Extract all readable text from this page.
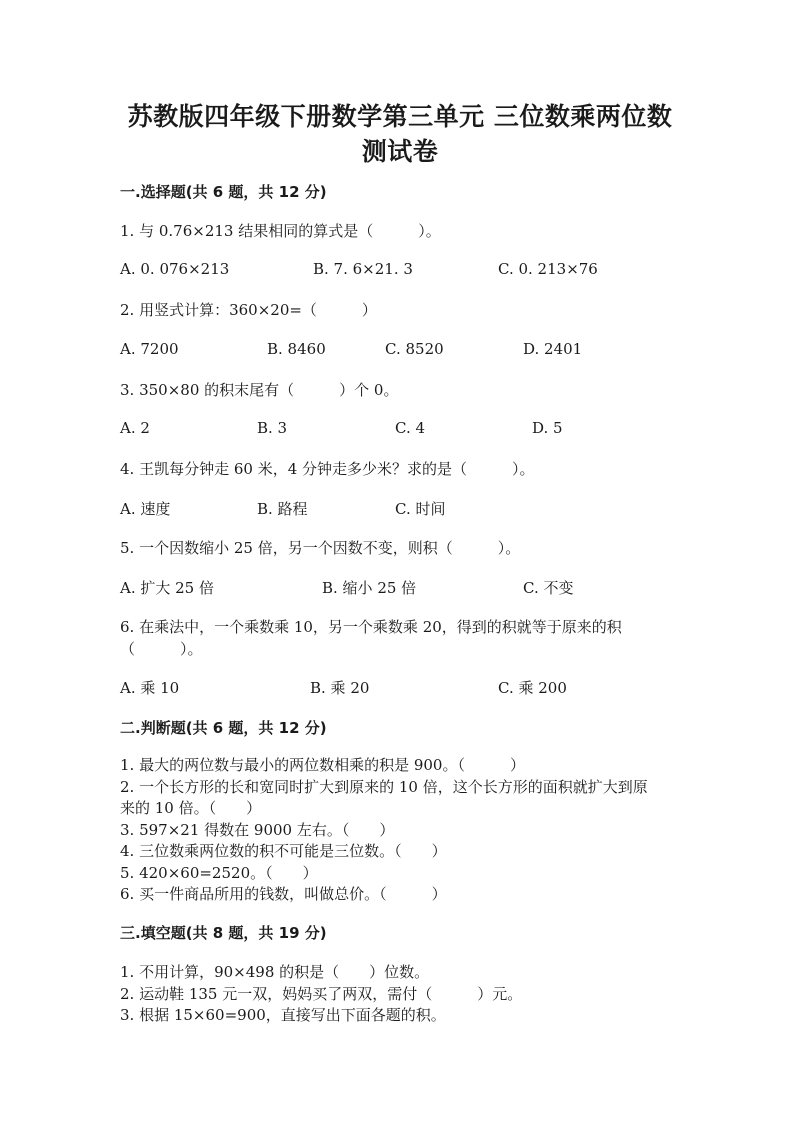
苏教版四年级下册数学第三单元 三位数乘两位数
测试卷
一.选择题(共 6 题，共 12 分)
1. 与 0.76×213 结果相同的算式是（　　　）。
A. 0. 076×213	B. 7. 6×21. 3	C. 0. 213×76
2. 用竖式计算：360×20=（　　　）
A. 7200	B. 8460	C. 8520	D. 2401
3. 350×80 的积末尾有（　　　）个 0。
A. 2	B. 3	C. 4	D. 5
4. 王凯每分钟走 60 米，4 分钟走多少米？求的是（　　　）。
A. 速度	B. 路程	C. 时间
5. 一个因数缩小 25 倍，另一个因数不变，则积（　　　）。
A. 扩大 25 倍	B. 缩小 25 倍	C. 不变
6. 在乘法中，一个乘数乘 10，另一个乘数乘 20，得到的积就等于原来的积
（　　　）。
A. 乘 10	B. 乘 20	C. 乘 200
二.判断题(共 6 题，共 12 分)
1. 最大的两位数与最小的两位数相乘的积是 900。（　　　）
2. 一个长方形的长和宽同时扩大到原来的 10 倍，这个长方形的面积就扩大到原
来的 10 倍。（　　）
3. 597×21 得数在 9000 左右。（　　）
4. 三位数乘两位数的积不可能是三位数。（　　）
5. 420×60=2520。（　　）
6. 买一件商品所用的钱数，叫做总价。（　　　）
三.填空题(共 8 题，共 19 分)
1. 不用计算，90×498 的积是（　　）位数。
2. 运动鞋 135 元一双，妈妈买了两双，需付（　　　）元。
3. 根据 15×60=900，直接写出下面各题的积。
